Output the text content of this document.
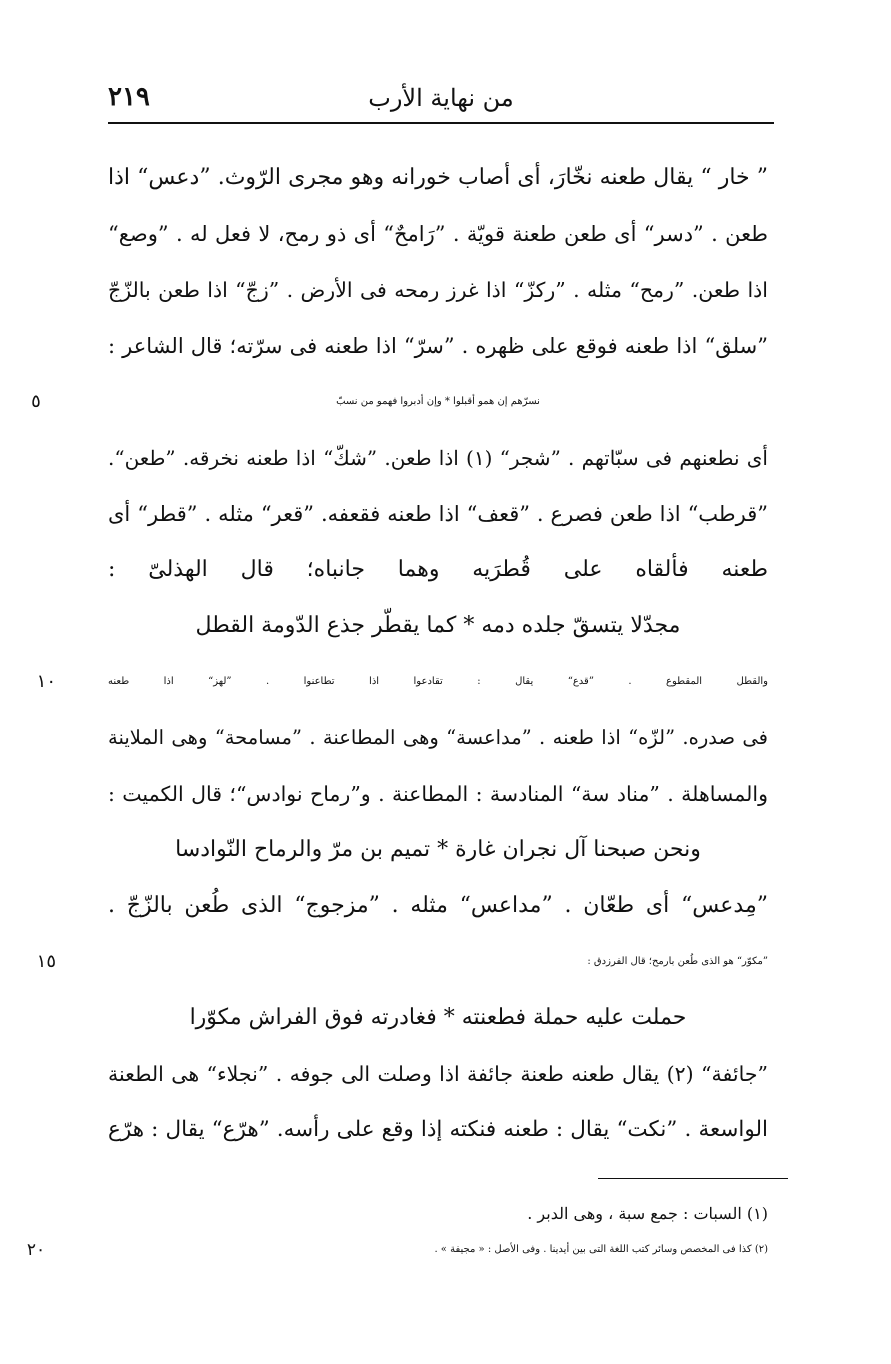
٢١٩	من نهاية الأرب
” خار “ يقال طعنه نخّارَ، أى أصاب خورانه وهو مجرى الرّوث. ”دعس“ اذا
طعن . ”دسر“ أى طعن طعنة قويّة . ”رَامحٌ“ أى ذو رمح، لا فعل له . ”وصع“
اذا طعن. ”رمح“ مثله . ”ركزّ“ اذا غرز رمحه فى الأرض . ”زجّ“ اذا طعن بالزّجّ
”سلق“ اذا طعنه فوقع على ظهره . ”سرّ“ اذا طعنه فى سرّته؛ قال الشاعر :
نسرّهم إن همو أقبلوا * وإن أدبروا فهمو من نسبّ
٥
أى نطعنهم فى سبّاتهم . ”شجر“ (١) اذا طعن. ”شكّ“ اذا طعنه نخرقه. ”طعن“.
”قرطب“ اذا طعن فصرع . ”قعف“ اذا طعنه فقعفه. ”قعر“ مثله . ”قطر“ أى
طعنه فألقاه على قُطرَيه وهما جانباه؛ قال الهذلىّ :
مجدّلا يتسقّ جلده دمه * كما يقطّر جذع الدّومة القطل
والقطل المقطوع . ”قدع“ يقال : تقادعوا اذا تطاعنوا . ”لهز“ اذا طعنه
١٠
فى صدره. ”لزّه“ اذا طعنه . ”مداعسة“ وهى المطاعنة . ”مسامحة“ وهى الملاينة
والمساهلة . ”مناد سة“ المنادسة : المطاعنة . و”رماح نوادس“؛ قال الكميت :
ونحن صبحنا آل نجران غارة * تميم بن مرّ والرماح النّوادسا
”مِدعس“ أى طعّان . ”مداعس“ مثله . ”مزجوج“ الذى طُعن بالزّجّ .
”مكوّر“ هو الذى طُعن بارمح؛ قال الفرزدق :
١٥
حملت عليه حملة فطعنته * فغادرته فوق الفراش مكوّرا
”جائفة“ (٢) يقال طعنه طعنة جائفة اذا وصلت الى جوفه . ”نجلاء“ هى الطعنة
الواسعة . ”نكت“ يقال : طعنه فنكته إذا وقع على رأسه. ”هرّع“ يقال : هرّع
(١) السبات : جمع سبة ، وهى الدبر .
(٢) كذا فى المخصص وسائر كتب اللغة التى بين أيدينا . وفى الأصل : « مجيفة » .
٢٠
